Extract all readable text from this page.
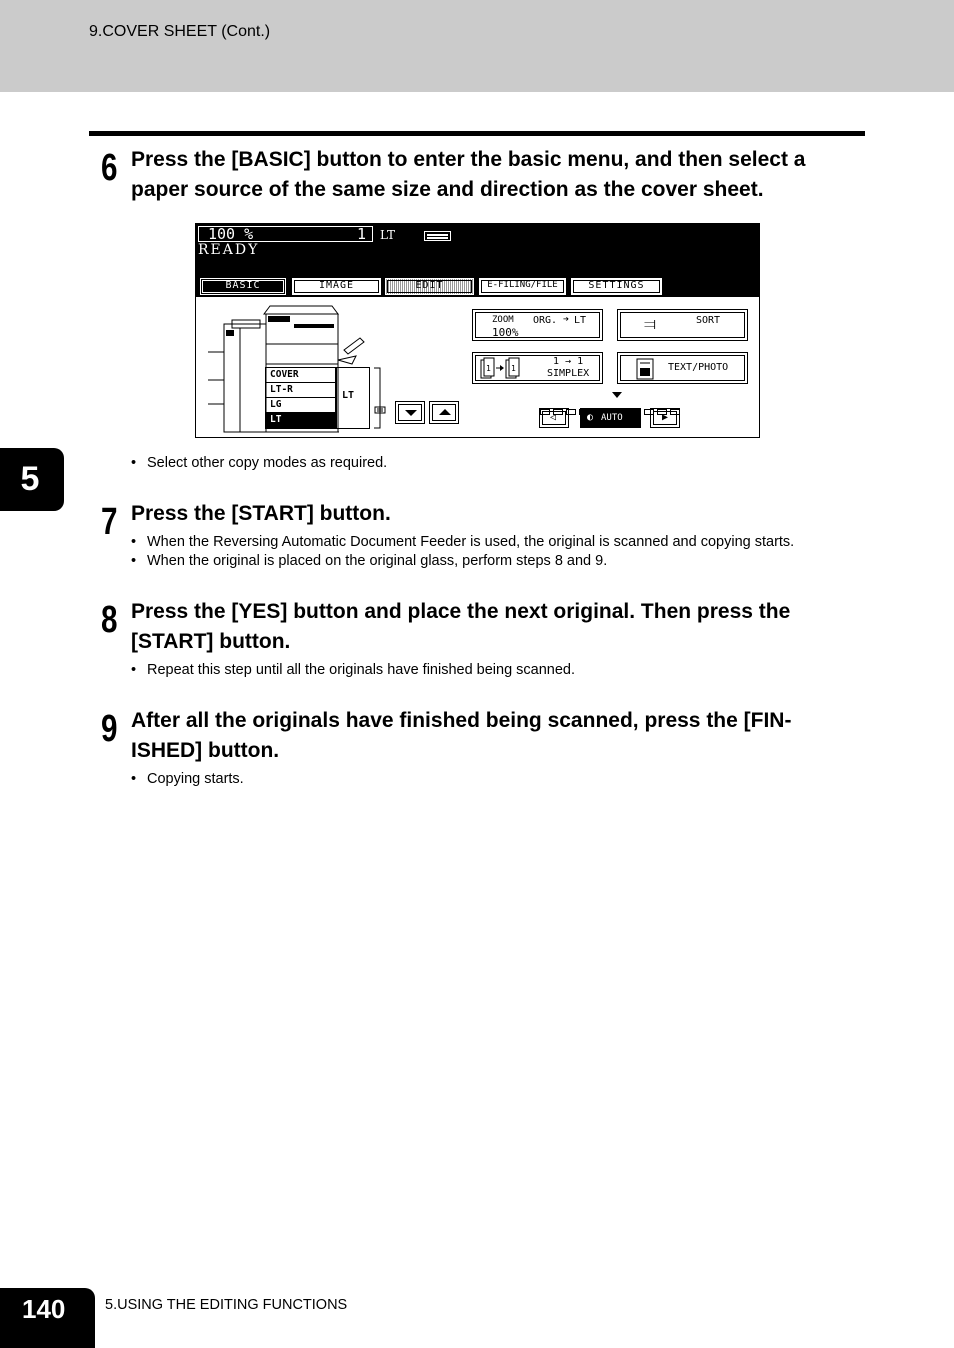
9.COVER SHEET (Cont.)
5
6 Press the [BASIC] button to enter the basic menu, and then select a paper source of the same size and direction as the cover sheet.
100 %	1 LT
READY
BASIC	IMAGE	EDIT	E-FILING/FILE	SETTINGS
COVER
LT-R
LG
LT
LT
ZOOM
100%
ORG. ➔ LT	⫤	SORT
1	1
1 → 1
SIMPLEX
TEXT/PHOTO
◁	◐ AUTO	▶
• Select other copy modes as required.
7 Press the [START] button.
• When the Reversing Automatic Document Feeder is used, the original is scanned and copying starts.
• When the original is placed on the original glass, perform steps 8 and 9.
8 Press the [YES] button and place the next original. Then press the [START] button.
• Repeat this step until all the originals have finished being scanned.
9 After all the originals have finished being scanned, press the [FIN-ISHED] button.
• Copying starts.
140	5.USING THE EDITING FUNCTIONS
